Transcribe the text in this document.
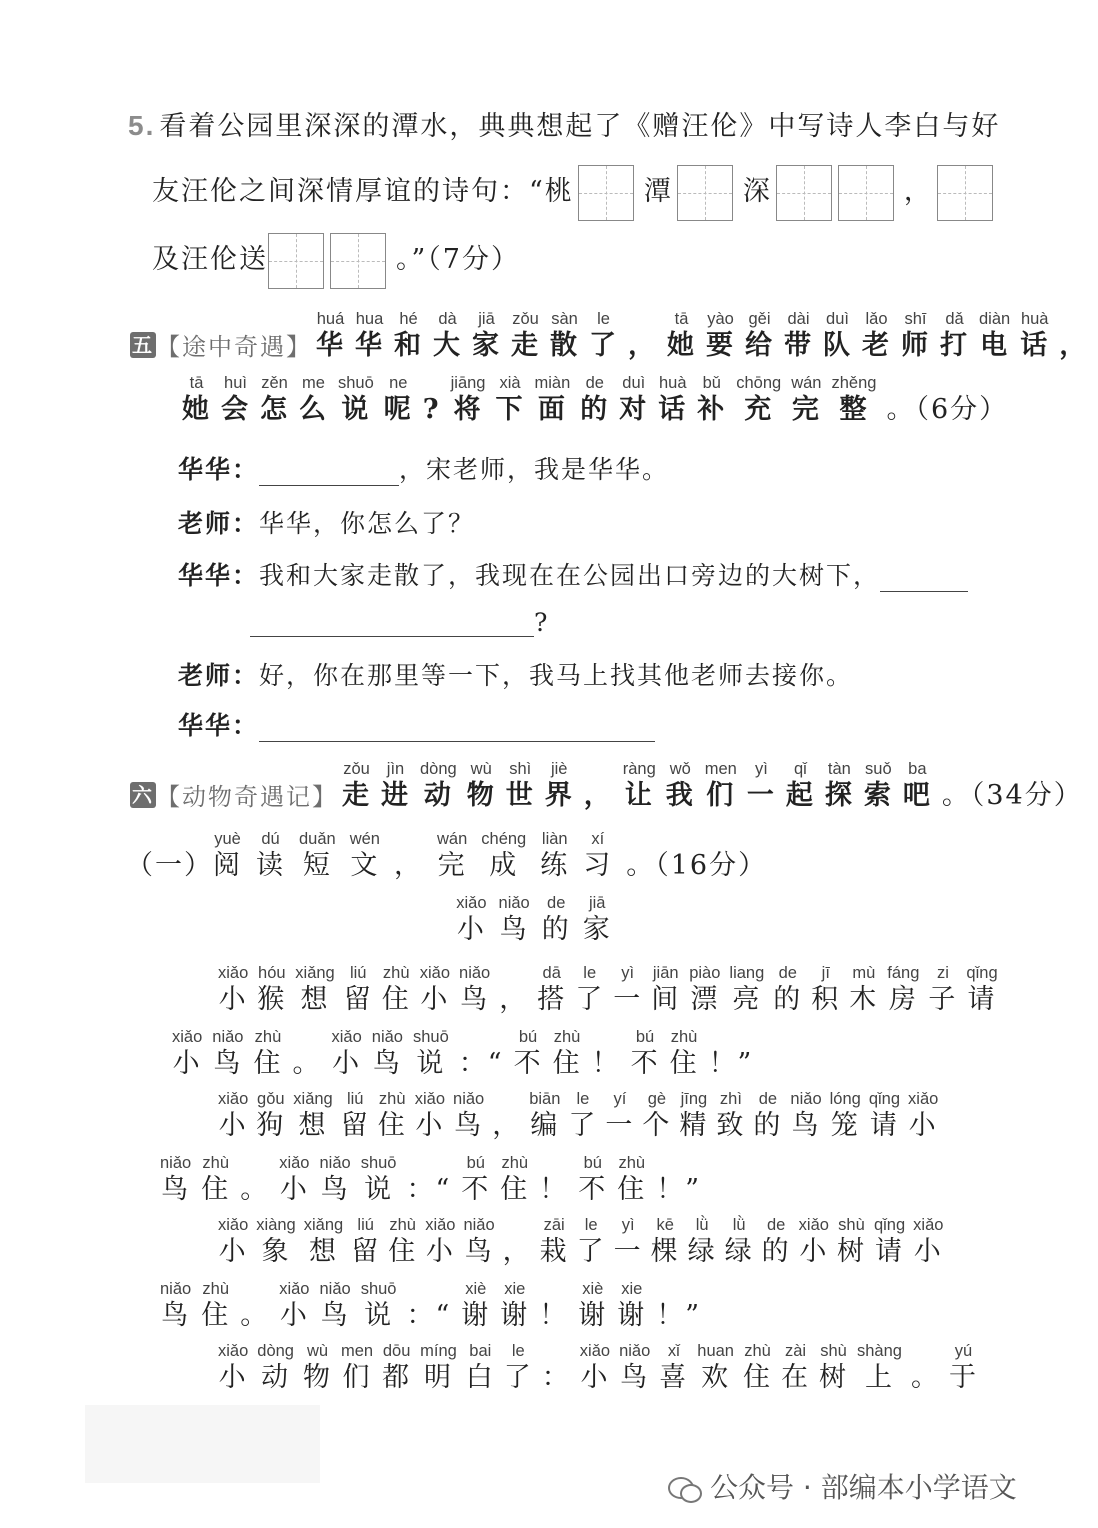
5. 看着公园里深深的潭水，典典想起了《赠汪伦》中写诗人李白与好
友汪伦之间深情厚谊的诗句：“桃	潭	深	，
及汪伦送	。”（7分）
五【途中奇遇】
huá
华
hua
华
hé
和
dà
大
jiā
家
zǒu
走
sàn
散
le
了 ，
tā
她
yào
要
gěi
给
dài
带
duì
队
lǎo
老
shī
师
dǎ
打
diàn
电
huà
话 ，
tā
她
huì
会
zěn
怎
me
么
shuō
说
ne
呢 ?
jiāng
将
xià
下
miàn
面
de
的
duì
对
huà
话
bǔ
补
chōng
充
wán
完
zhěng
整 。（6分）
华华：	，宋老师，我是华华。
老师：华华，你怎么了？
华华：我和大家走散了，我现在在公园出口旁边的大树下，
?
老师：好，你在那里等一下，我马上找其他老师去接你。
华华：
六【动物奇遇记】
zǒu
走
jìn
进
dòng
动
wù
物
shì
世
jiè
界 ，
ràng
让
wǒ
我
men
们
yì
一
qǐ
起
tàn
探
suǒ
索
ba
吧 。（34分）
（一）
yuè
阅
dú
读
duǎn
短
wén
文 ，
wán
完
chéng
成
liàn
练
xí
习 。（16分）
xiǎo
小
niǎo
鸟
de
的
jiā
家
xiǎo
小
hóu
猴
xiǎng
想
liú
留
zhù
住
xiǎo
小
niǎo
鸟 ，
dā
搭
le
了
yì
一
jiān
间
piào
漂
liang
亮
de
的
jī
积
mù
木
fáng
房
zi
子
qǐng
请
xiǎo
小
niǎo
鸟
zhù
住 。
xiǎo
小
niǎo
鸟
shuō
说 ：“
bú
不
zhù
住 ！
bú
不
zhù
住 ！”
xiǎo
小
gǒu
狗
xiǎng
想
liú
留
zhù
住
xiǎo
小
niǎo
鸟 ，
biān
编
le
了
yí
一
gè
个
jīng
精
zhì
致
de
的
niǎo
鸟
lóng
笼
qǐng
请
xiǎo
小
niǎo
鸟
zhù
住 。
xiǎo
小
niǎo
鸟
shuō
说 ：“
bú
不
zhù
住 ！
bú
不
zhù
住 ！”
xiǎo
小
xiàng
象
xiǎng
想
liú
留
zhù
住
xiǎo
小
niǎo
鸟 ，
zāi
栽
le
了
yì
一
kē
棵
lǜ
绿
lǜ
绿
de
的
xiǎo
小
shù
树
qǐng
请
xiǎo
小
niǎo
鸟
zhù
住 。
xiǎo
小
niǎo
鸟
shuō
说 ：“
xiè
谢
xie
谢 ！
xiè
谢
xie
谢 ！”
xiǎo
小
dòng
动
wù
物
men
们
dōu
都
míng
明
bai
白
le
了 ：
xiǎo
小
niǎo
鸟
xǐ
喜
huan
欢
zhù
住
zài
在
shù
树
shàng
上 。
yú
于
公众号 · 部编本小学语文
